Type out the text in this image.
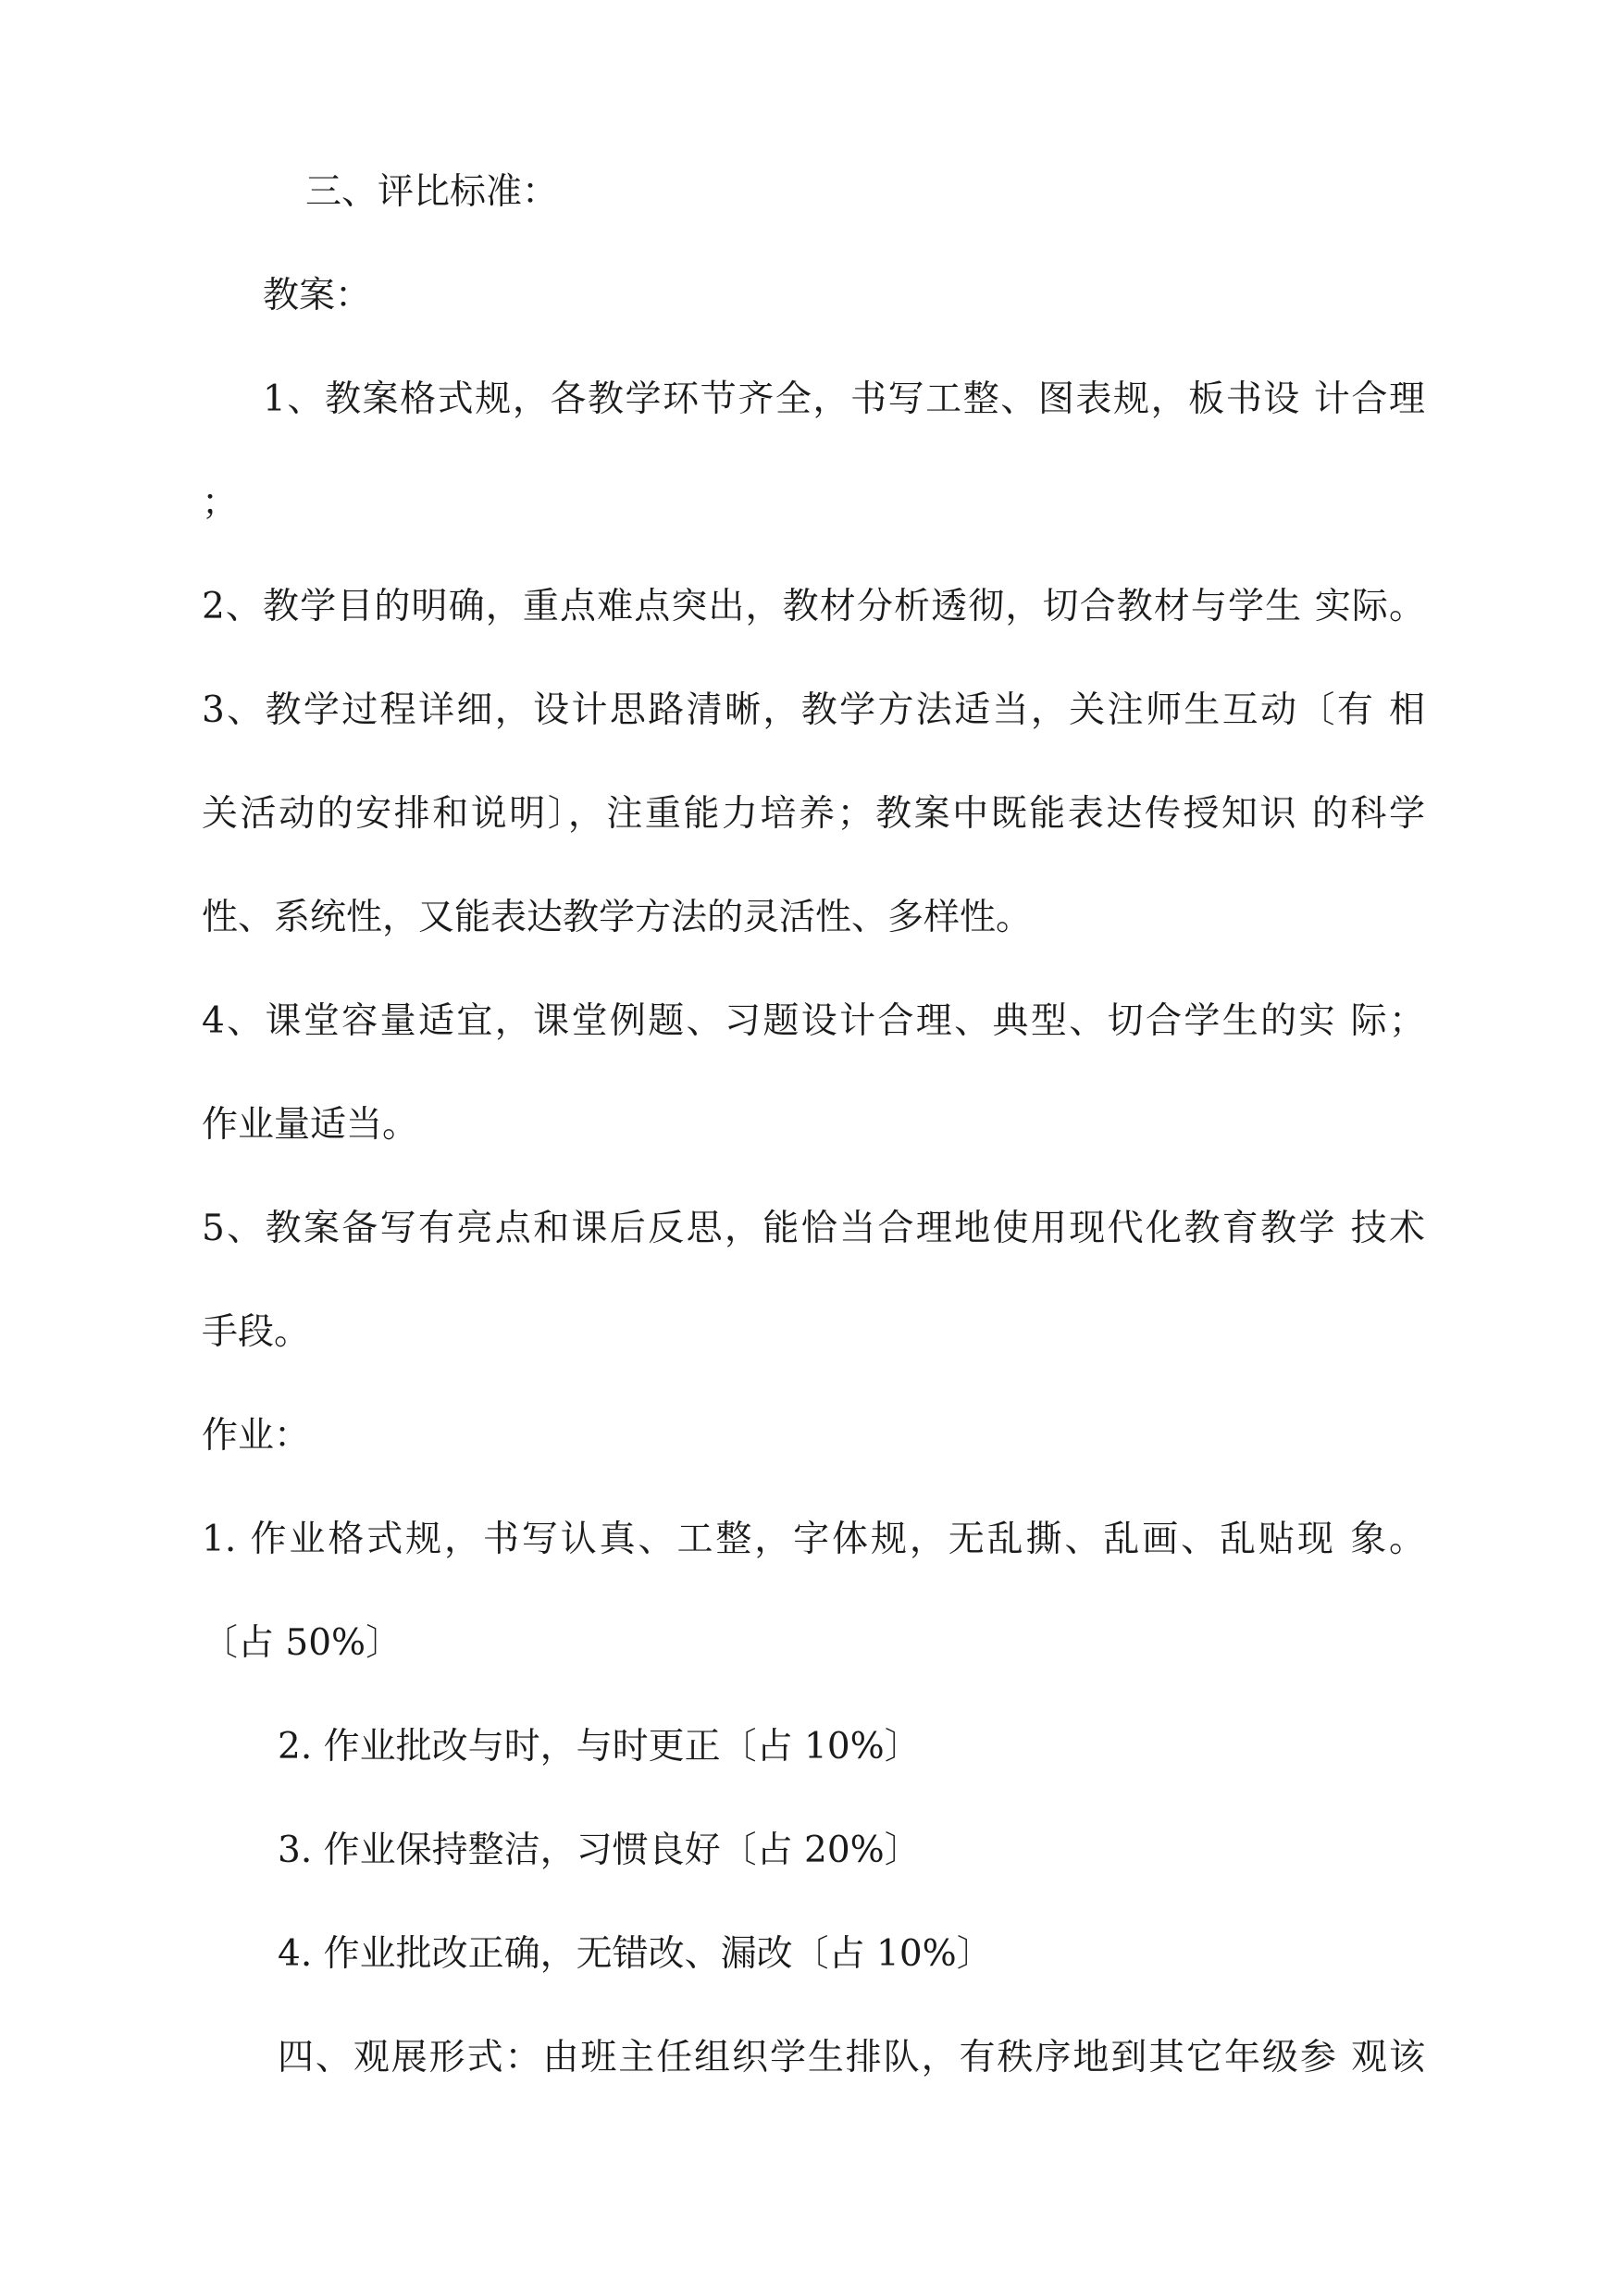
三、评比标准：
教案：
1、教案格式规，各教学环节齐全，书写工整、图表规，板书设 计合理
；
2、教学目的明确，重点难点突出，教材分析透彻，切合教材与学生 实际。
3、教学过程详细，设计思路清晰，教学方法适当，关注师生互动〔有 相
关活动的安排和说明〕，注重能力培养；教案中既能表达传授知识 的科学
性、系统性，又能表达教学方法的灵活性、多样性。
4、课堂容量适宜，课堂例题、习题设计合理、典型、切合学生的实 际；
作业量适当。
5、教案备写有亮点和课后反思，能恰当合理地使用现代化教育教学 技术
手段。
作业：
1. 作业格式规，书写认真、工整，字体规，无乱撕、乱画、乱贴现 象。
〔占 50%〕
2. 作业批改与时，与时更正〔占 10%〕
3. 作业保持整洁，习惯良好〔占 20%〕
4. 作业批改正确，无错改、漏改〔占 10%〕
四、观展形式：由班主任组织学生排队，有秩序地到其它年级参 观该
